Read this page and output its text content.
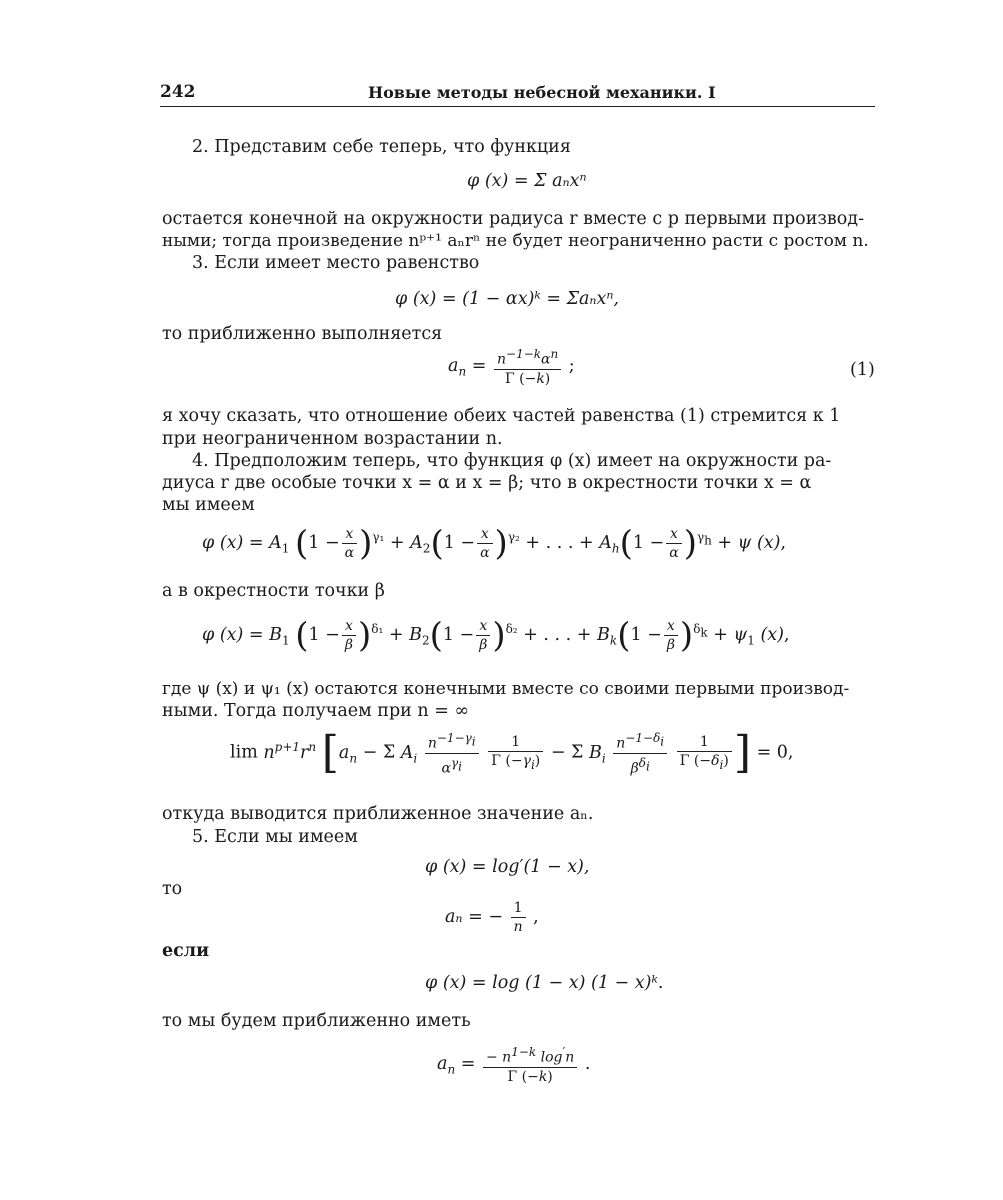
242	Новые методы небесной механики. I
2. Представим себе теперь, что функция
φ (x) = Σ aₙxⁿ
остается конечной на окружности радиуса r вместе с p первыми производ-
ными; тогда произведение nᵖ⁺¹ aₙrⁿ не будет неограниченно расти с ростом n.
3. Если имеет место равенство
φ (x) = (1 − αx)ᵏ = Σaₙxⁿ,
то приближенно выполняется
$a_n = \frac{n^{-1-k}\alpha^n}{\Gamma (-k)}$ ;	(1)
я хочу сказать, что отношение обеих частей равенства (1) стремится к 1
при неограниченном возрастании n.
4. Предположим теперь, что функция φ (x) имеет на окружности ра-
диуса r две особые точки x = α и x = β; что в окрестности точки x = α
мы имеем
φ $(x) = A_1$ $(1 - \frac{x}{\alpha} )^{\gamma_1} + A_2(1 - \frac{x}{\alpha} )^{\gamma_2}$ + . . . + $A_h(1 - \frac{x}{\alpha} )^{\gamma_h} + \psi$ (x),
а в окрестности точки β
φ $(x) = B_1$ $(1 - \frac{x}{\beta} )^{\delta_1} + B_2(1 - \frac{x}{\beta} )^{\delta_2}$ + . . . + $B_k(1 - \frac{x}{\beta} )^{\delta_k} + \psi_1$ (x),
где ψ (x) и ψ₁ (x) остаются конечными вместе со своими первыми производ-
ными. Тогда получаем при n = ∞
$\lim n^{p+1}r^n$ [$a_n - \Sigma$ $A_i \frac{n^{-1-\gamma_i}}{\alpha^{\gamma_i}}$
$\frac{1}{\Gamma (-\gamma_i)} - \Sigma$ $B_i \frac{n^{-1-\delta_i}}{\beta^{\delta_i}}$
$\frac{1}{\Gamma (-\delta_i)}$ ] = 0,
откуда выводится приближенное значение aₙ.
5. Если мы имеем
φ (x) = log′(1 − x),
то
aₙ = − $\frac{1}{n}$ ,
если
φ (x) = log (1 − x) (1 − x)ᵏ.
то мы будем приближенно иметь
$a_n = \frac{- n^{1-k} \log'n}{\Gamma (-k)}$ .
